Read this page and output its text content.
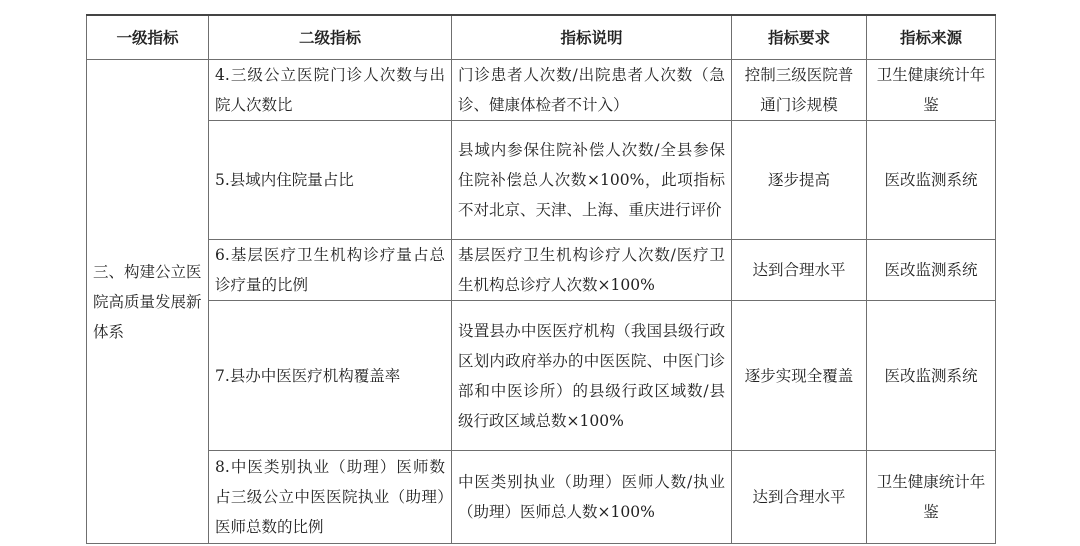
一级指标	二级指标	指标说明	指标要求	指标来源

三、构建公立医院高质量发展新体系	4.三级公立医院门诊人次数与出院人次数比	门诊患者人次数/出院患者人次数（急诊、健康体检者不计入）	控制三级医院普通门诊规模	卫生健康统计年鉴

	5.县域内住院量占比	县域内参保住院补偿人次数/全县参保住院补偿总人次数×100%，此项指标不对北京、天津、上海、重庆进行评价	逐步提高	医改监测系统

	6.基层医疗卫生机构诊疗量占总诊疗量的比例	基层医疗卫生机构诊疗人次数/医疗卫生机构总诊疗人次数×100%	达到合理水平	医改监测系统

	7.县办中医医疗机构覆盖率	设置县办中医医疗机构（我国县级行政区划内政府举办的中医医院、中医门诊部和中医诊所）的县级行政区域数/县级行政区域总数×100%	逐步实现全覆盖	医改监测系统

	8.中医类别执业（助理）医师数占三级公立中医医院执业（助理）医师总数的比例	中医类别执业（助理）医师人数/执业（助理）医师总人数×100%	达到合理水平	卫生健康统计年鉴
